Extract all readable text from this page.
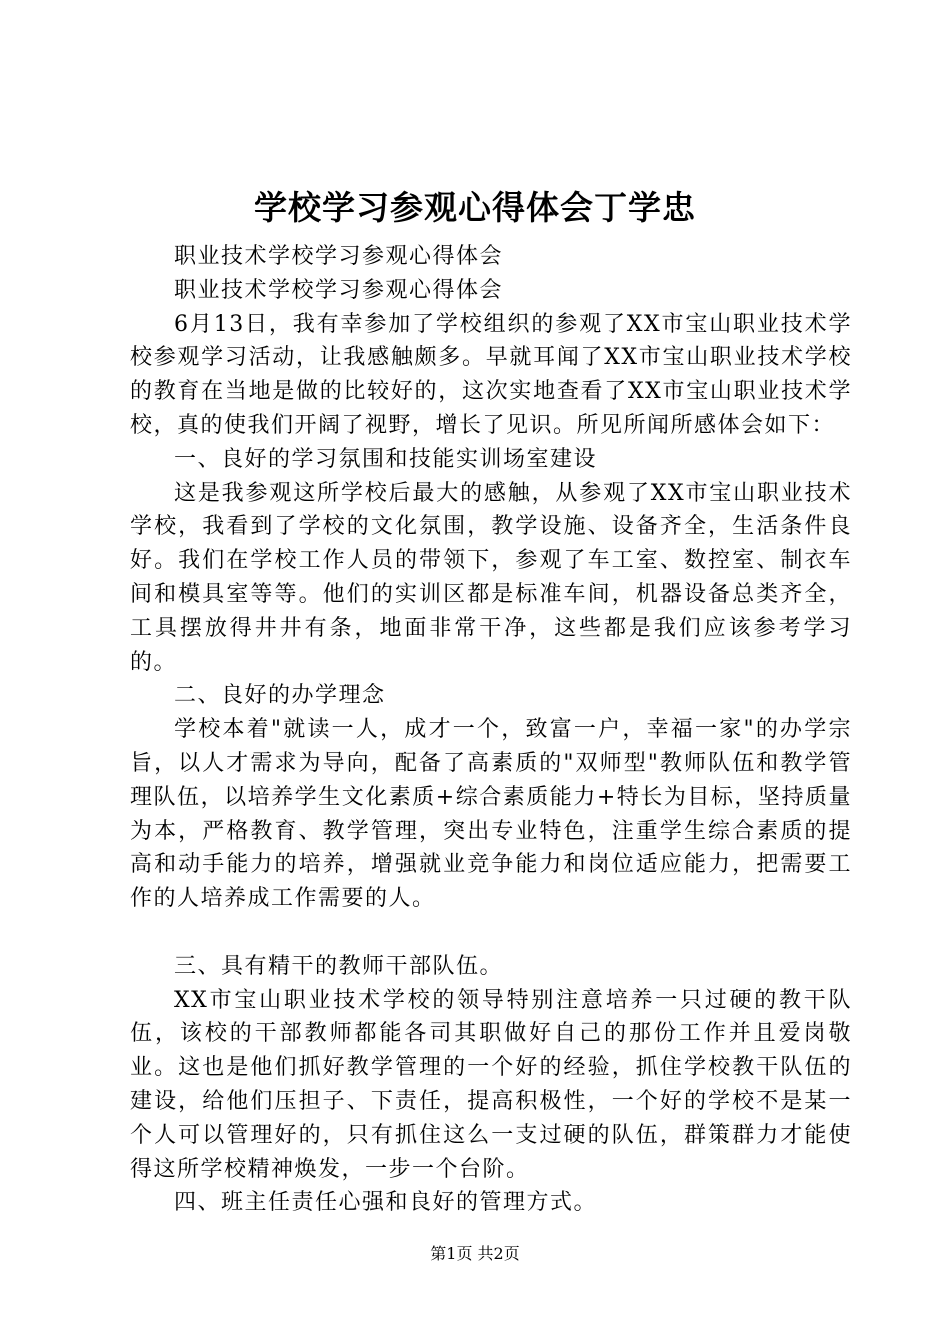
学校学习参观心得体会丁学忠

职业技术学校学习参观心得体会

职业技术学校学习参观心得体会

6月13日，我有幸参加了学校组织的参观了XX市宝山职业技术学校参观学习活动，让我感触颇多。早就耳闻了XX市宝山职业技术学校的教育在当地是做的比较好的，这次实地查看了XX市宝山职业技术学校，真的使我们开阔了视野，增长了见识。所见所闻所感体会如下：

一、良好的学习氛围和技能实训场室建设

这是我参观这所学校后最大的感触，从参观了XX市宝山职业技术学校，我看到了学校的文化氛围，教学设施、设备齐全，生活条件良好。我们在学校工作人员的带领下，参观了车工室、数控室、制衣车间和模具室等等。他们的实训区都是标准车间，机器设备总类齐全，工具摆放得井井有条，地面非常干净，这些都是我们应该参考学习的。

二、良好的办学理念

学校本着"就读一人，成才一个，致富一户，幸福一家"的办学宗旨，以人才需求为导向，配备了高素质的"双师型"教师队伍和教学管理队伍，以培养学生文化素质+综合素质能力+特长为目标，坚持质量为本，严格教育、教学管理，突出专业特色，注重学生综合素质的提高和动手能力的培养，增强就业竞争能力和岗位适应能力，把需要工作的人培养成工作需要的人。

三、具有精干的教师干部队伍。

XX市宝山职业技术学校的领导特别注意培养一只过硬的教干队伍，该校的干部教师都能各司其职做好自己的那份工作并且爱岗敬业。这也是他们抓好教学管理的一个好的经验，抓住学校教干队伍的建设，给他们压担子、下责任，提高积极性，一个好的学校不是某一个人可以管理好的，只有抓住这么一支过硬的队伍，群策群力才能使得这所学校精神焕发，一步一个台阶。

四、班主任责任心强和良好的管理方式。

第1页 共2页
